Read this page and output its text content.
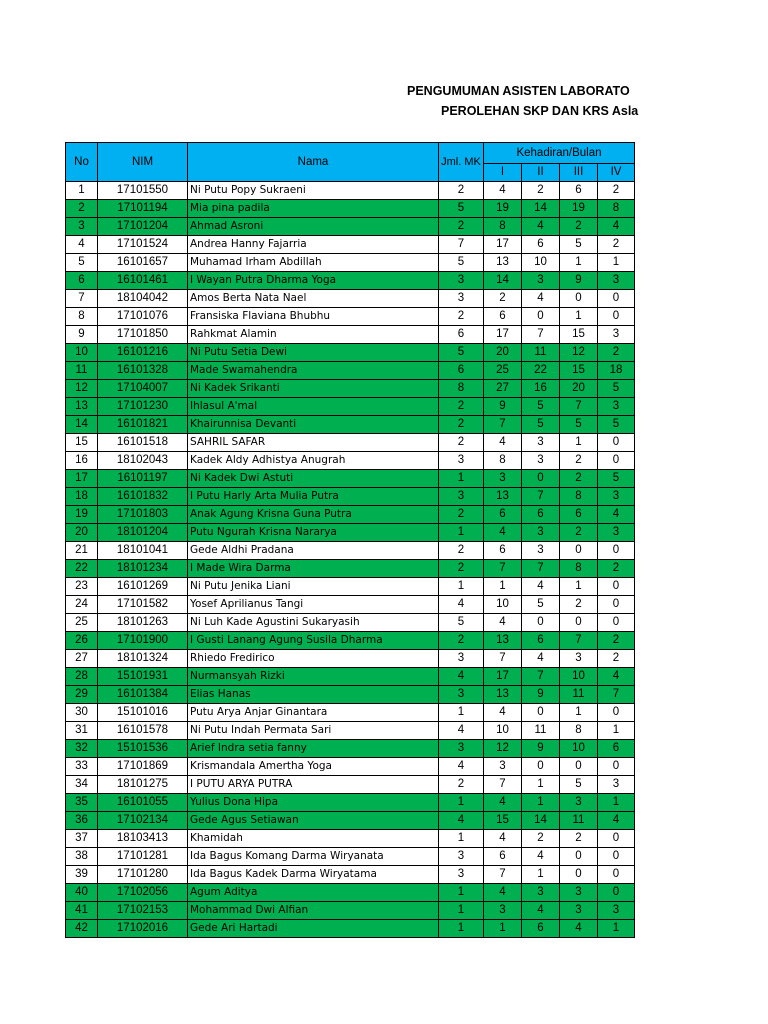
PENGUMUMAN ASISTEN LABORATO
PEROLEHAN SKP DAN KRS Asla
No	NIM	Nama	Jml. MK	Kehadiran/Bulan			
				I	II	III	IV
1	17101550	Ni Putu Popy Sukraeni	2	4	2	6	2
2	17101194	Mia pina padila	5	19	14	19	8
3	17101204	Ahmad Asroni	2	8	4	2	4
4	17101524	Andrea Hanny Fajarria	7	17	6	5	2
5	16101657	Muhamad Irham Abdillah	5	13	10	1	1
6	16101461	I Wayan Putra Dharma Yoga	3	14	3	9	3
7	18104042	Amos Berta Nata Nael	3	2	4	0	0
8	17101076	Fransiska Flaviana Bhubhu	2	6	0	1	0
9	17101850	Rahkmat Alamin	6	17	7	15	3
10	16101216	Ni Putu Setia Dewi	5	20	11	12	2
11	16101328	Made Swamahendra	6	25	22	15	18
12	17104007	Ni Kadek Srikanti	8	27	16	20	5
13	17101230	Ihlasul A'mal	2	9	5	7	3
14	16101821	Khairunnisa Devanti	2	7	5	5	5
15	16101518	SAHRIL SAFAR	2	4	3	1	0
16	18102043	Kadek Aldy Adhistya Anugrah	3	8	3	2	0
17	16101197	Ni Kadek Dwi Astuti	1	3	0	2	5
18	16101832	I Putu Harly Arta Mulia Putra	3	13	7	8	3
19	17101803	Anak Agung Krisna Guna Putra	2	6	6	6	4
20	18101204	Putu Ngurah Krisna Nararya	1	4	3	2	3
21	18101041	Gede Aldhi Pradana	2	6	3	0	0
22	18101234	I Made Wira Darma	2	7	7	8	2
23	16101269	Ni Putu Jenika Liani	1	1	4	1	0
24	17101582	Yosef Aprilianus Tangi	4	10	5	2	0
25	18101263	Ni Luh Kade Agustini Sukaryasih	5	4	0	0	0
26	17101900	I Gusti Lanang Agung Susila Dharma	2	13	6	7	2
27	18101324	Rhiedo Fredirico	3	7	4	3	2
28	15101931	Nurmansyah Rizki	4	17	7	10	4
29	16101384	Elias Hanas	3	13	9	11	7
30	15101016	Putu Arya Anjar Ginantara	1	4	0	1	0
31	16101578	Ni Putu Indah Permata Sari	4	10	11	8	1
32	15101536	Arief Indra setia fanny	3	12	9	10	6
33	17101869	Krismandala Amertha Yoga	4	3	0	0	0
34	18101275	I PUTU ARYA PUTRA	2	7	1	5	3
35	16101055	Yulius Dona Hipa	1	4	1	3	1
36	17102134	Gede Agus Setiawan	4	15	14	11	4
37	18103413	Khamidah	1	4	2	2	0
38	17101281	Ida Bagus Komang Darma Wiryanata	3	6	4	0	0
39	17101280	Ida Bagus Kadek Darma Wiryatama	3	7	1	0	0
40	17102056	Agum Aditya	1	4	3	3	0
41	17102153	Mohammad Dwi Alfian	1	3	4	3	3
42	17102016	Gede Ari Hartadi	1	1	6	4	1
